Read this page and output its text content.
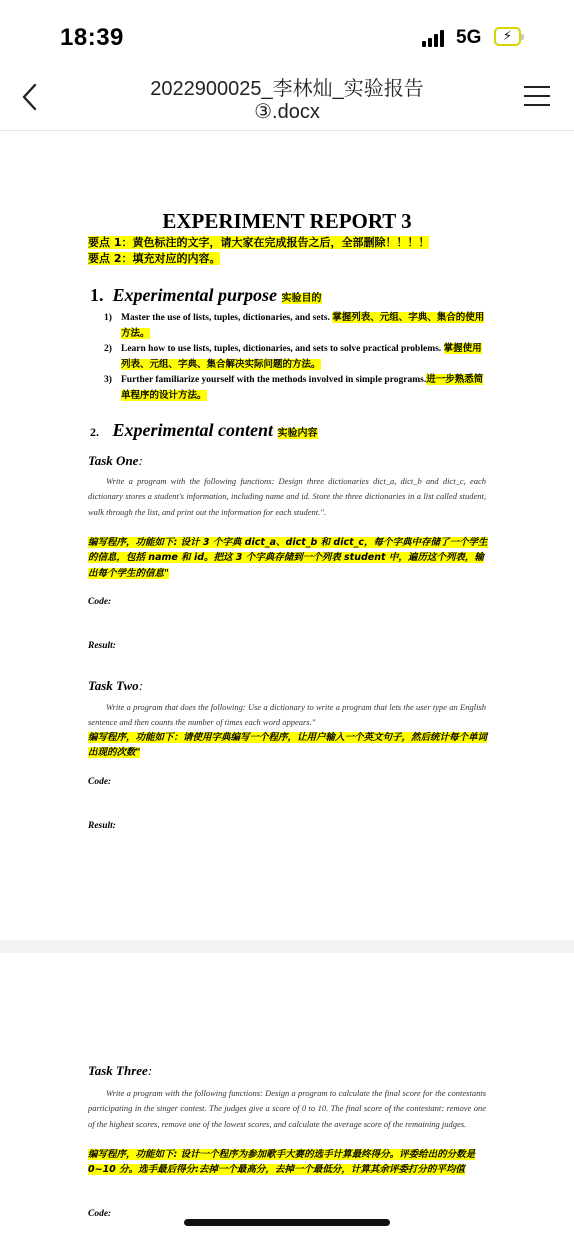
18:39	5G	⚡
2022900025_李林灿_实验报告
③.docx
EXPERIMENT REPORT 3
要点 1：黄色标注的文字，请大家在完成报告之后，全部删除！！！！
要点 2：填充对应的内容。
1. Experimental purpose 实验目的
1) Master the use of lists, tuples, dictionaries, and sets. 掌握列表、元组、字典、集合的使用方法。
2) Learn how to use lists, tuples, dictionaries, and sets to solve practical problems. 掌握使用列表、元组、字典、集合解决实际问题的方法。
3) Further familiarize yourself with the methods involved in simple programs.进一步熟悉简单程序的设计方法。
2. Experimental content 实验内容
Task One:
Write a program with the following functions: Design three dictionaries dict_a, dict_b and dict_c, each dictionary stores a student's information, including name and id. Store the three dictionaries in a list called student, walk through the list, and print out the information for each student.".
编写程序，功能如下: 设计 3 个字典 dict_a、dict_b 和 dict_c，每个字典中存储了一个学生的信息，包括 name 和 id。把这 3 个字典存储到一个列表 student 中，遍历这个列表，输出每个学生的信息"
Code:
Result:
Task Two:
Write a program that does the following: Use a dictionary to write a program that lets the user type an English sentence and then counts the number of times each word appears."
编写程序，功能如下：请使用字典编写一个程序，让用户输入一个英文句子，然后统计每个单词出现的次数"
Code:
Result:
Task Three:
Write a program with the following functions: Design a program to calculate the final score for the contestants participating in the singer contest. The judges give a score of 0 to 10. The final score of the contestant: remove one of the highest scores, remove one of the lowest scores, and calculate the average score of the remaining judges.
编写程序，功能如下: 设计一个程序为参加歌手大赛的选手计算最终得分。评委给出的分数是 0~10 分。选手最后得分:去掉一个最高分，去掉一个最低分，计算其余评委打分的平均值
Code:
